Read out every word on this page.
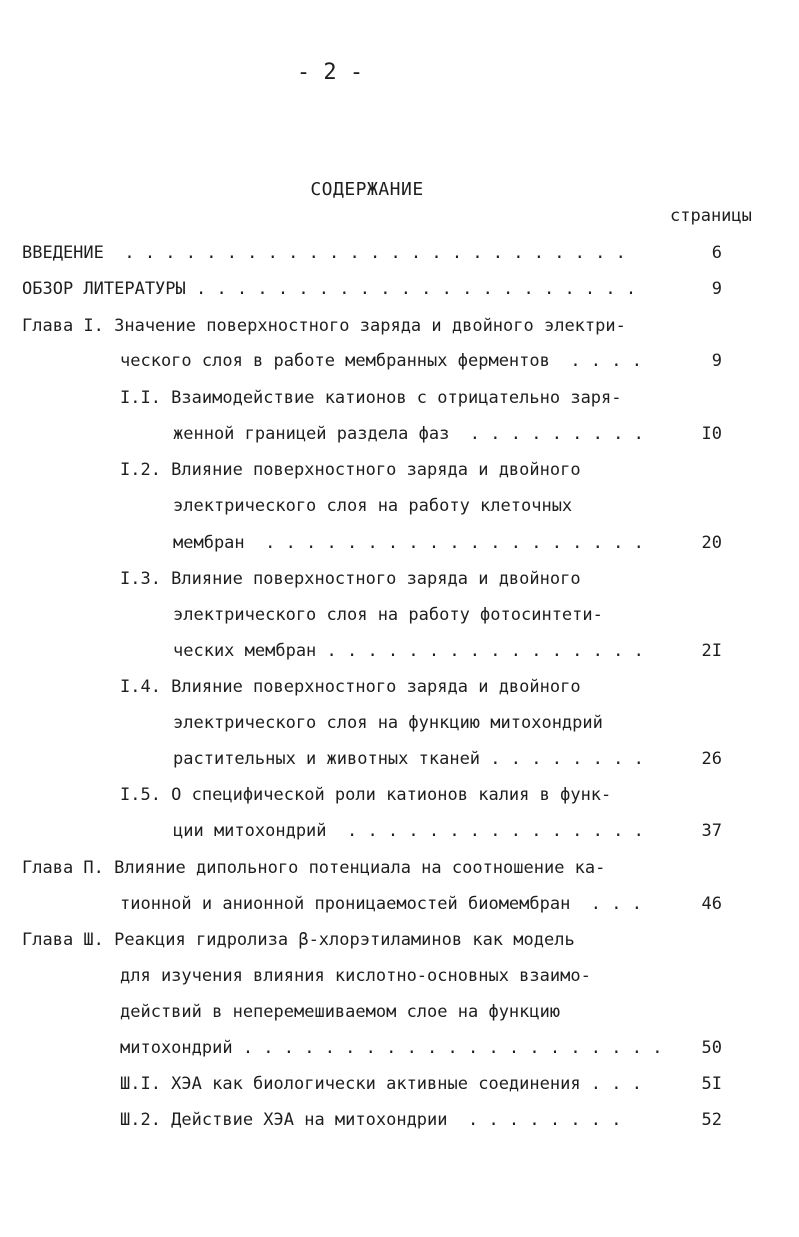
- 2 -
СОДЕРЖАНИЕ
страницы
ВВЕДЕНИЕ  . . . . . . . . . . . . . . . . . . . . . . . . .	6
ОБЗОР ЛИТЕРАТУРЫ . . . . . . . . . . . . . . . . . . . . . .	9
Глава I. Значение поверхностного заряда и двойного электри-
ческого слоя в работе мембранных ферментов  . . . .	9
I.I. Взаимодействие катионов с отрицательно заря-
женной границей раздела фаз  . . . . . . . . .	I0
I.2. Влияние поверхностного заряда и двойного
электрического слоя на работу клеточных
мембран  . . . . . . . . . . . . . . . . . . .	20
I.3. Влияние поверхностного заряда и двойного
электрического слоя на работу фотосинтети-
ческих мембран . . . . . . . . . . . . . . . .	2I
I.4. Влияние поверхностного заряда и двойного
электрического слоя на функцию митохондрий
растительных и животных тканей . . . . . . . .	26
I.5. О специфической роли катионов калия в функ-
ции митохондрий  . . . . . . . . . . . . . . .	37
Глава П. Влияние дипольного потенциала на соотношение ка-
тионной и анионной проницаемостей биомембран  . . .	46
Глава Ш. Реакция гидролиза β-хлорэтиламинов как модель
для изучения влияния кислотно-основных взаимо-
действий в неперемешиваемом слое на функцию
митохондрий . . . . . . . . . . . . . . . . . . . . .	50
Ш.I. ХЭА как биологически активные соединения . . .	5I
Ш.2. Действие ХЭА на митохондрии  . . . . . . . .	52
